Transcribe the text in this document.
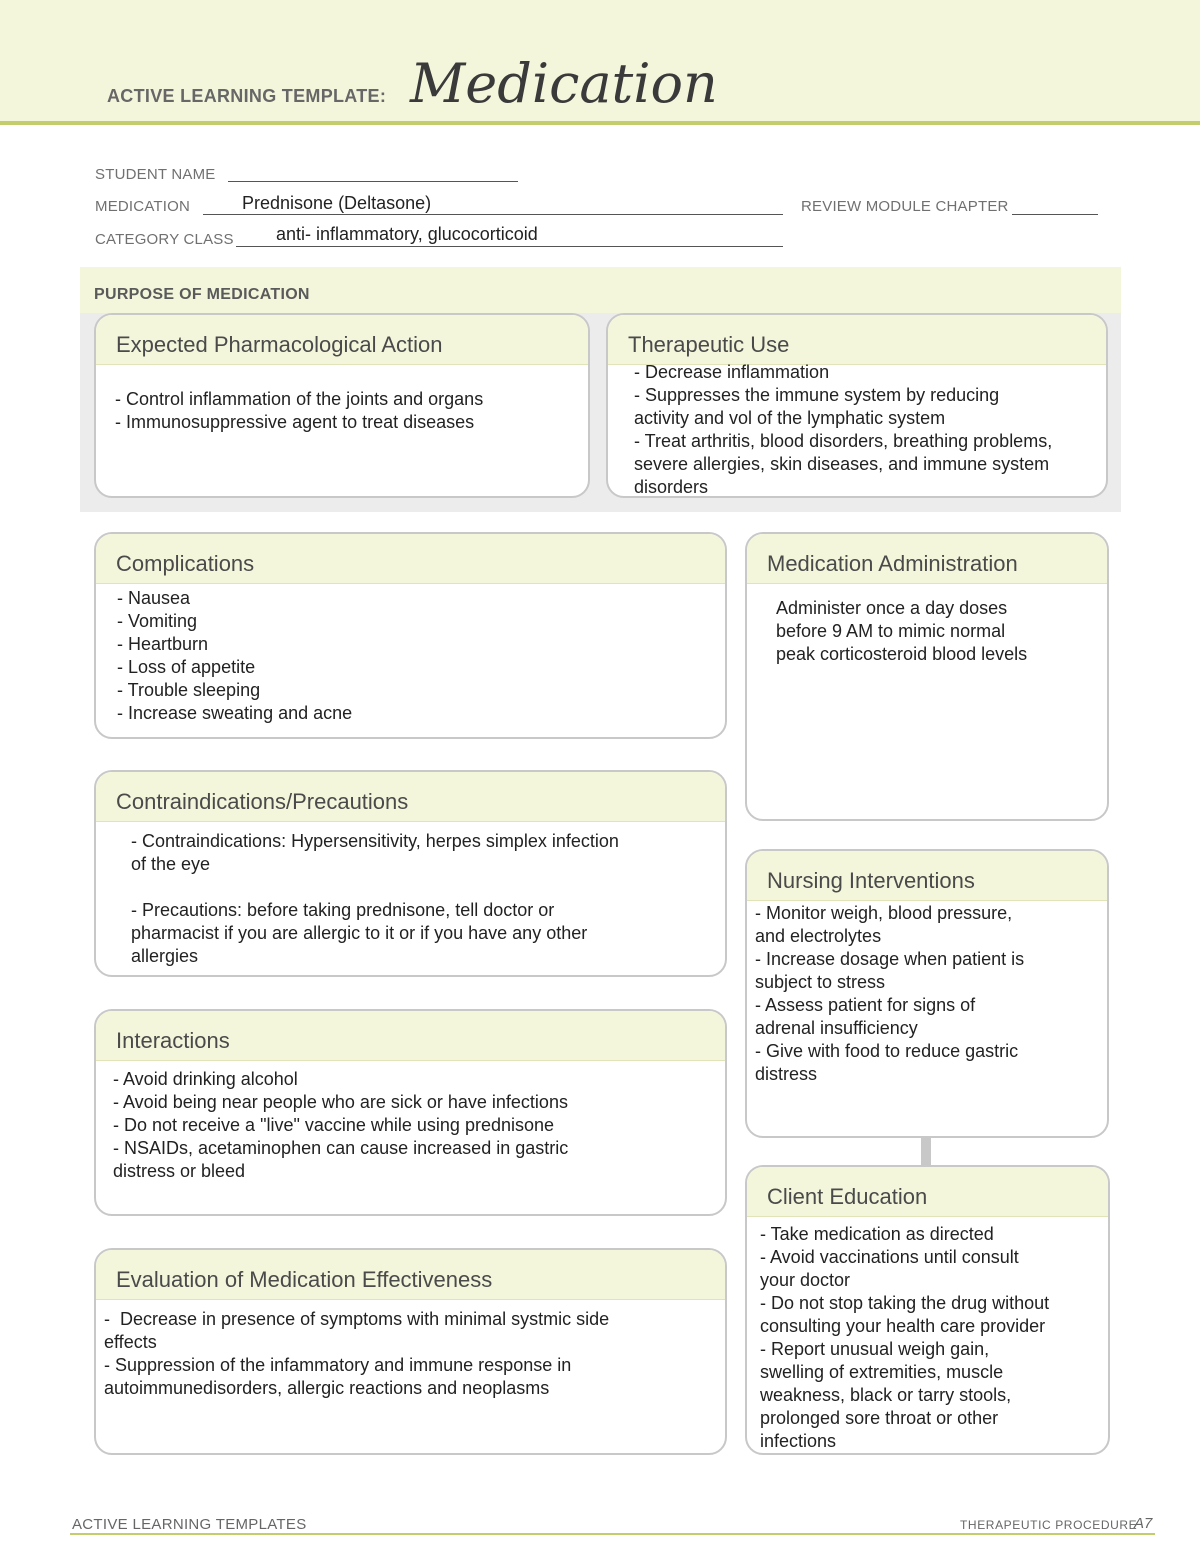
ACTIVE LEARNING TEMPLATE: Medication
STUDENT NAME
MEDICATION	Prednisone (Deltasone)	REVIEW MODULE CHAPTER
CATEGORY CLASS anti- inflammatory, glucocorticoid
PURPOSE OF MEDICATION
Expected Pharmacological Action
- Control inflammation of the joints and organs
- Immunosuppressive agent to treat diseases
Therapeutic Use
- Decrease inflammation
- Suppresses the immune system by reducing
activity and vol of the lymphatic system
- Treat arthritis, blood disorders, breathing problems,
severe allergies, skin diseases, and immune system
disorders
Complications
- Nausea
- Vomiting
- Heartburn
- Loss of appetite
- Trouble sleeping
- Increase sweating and acne
Medication Administration
Administer once a day doses
before 9 AM to mimic normal
peak corticosteroid blood levels
Contraindications/Precautions
- Contraindications: Hypersensitivity, herpes simplex infection
of the eye

- Precautions: before taking prednisone, tell doctor or
pharmacist if you are allergic to it or if you have any other
allergies
Nursing Interventions
- Monitor weigh, blood pressure,
and electrolytes
- Increase dosage when patient is
subject to stress
- Assess patient for signs of
adrenal insufficiency
- Give with food to reduce gastric
distress
Interactions
- Avoid drinking alcohol
- Avoid being near people who are sick or have infections
- Do not receive a "live" vaccine while using prednisone
- NSAIDs, acetaminophen can cause increased in gastric
distress or bleed
Client Education
- Take medication as directed
- Avoid vaccinations until consult
your doctor
- Do not stop taking the drug without
consulting your health care provider
- Report unusual weigh gain,
swelling of extremities, muscle
weakness, black or tarry stools,
prolonged sore throat or other
infections
Evaluation of Medication Effectiveness
-  Decrease in presence of symptoms with minimal systmic side
effects
- Suppression of the infammatory and immune response in
autoimmunedisorders, allergic reactions and neoplasms
ACTIVE LEARNING TEMPLATES	THERAPEUTIC PROCEDURE
A7
